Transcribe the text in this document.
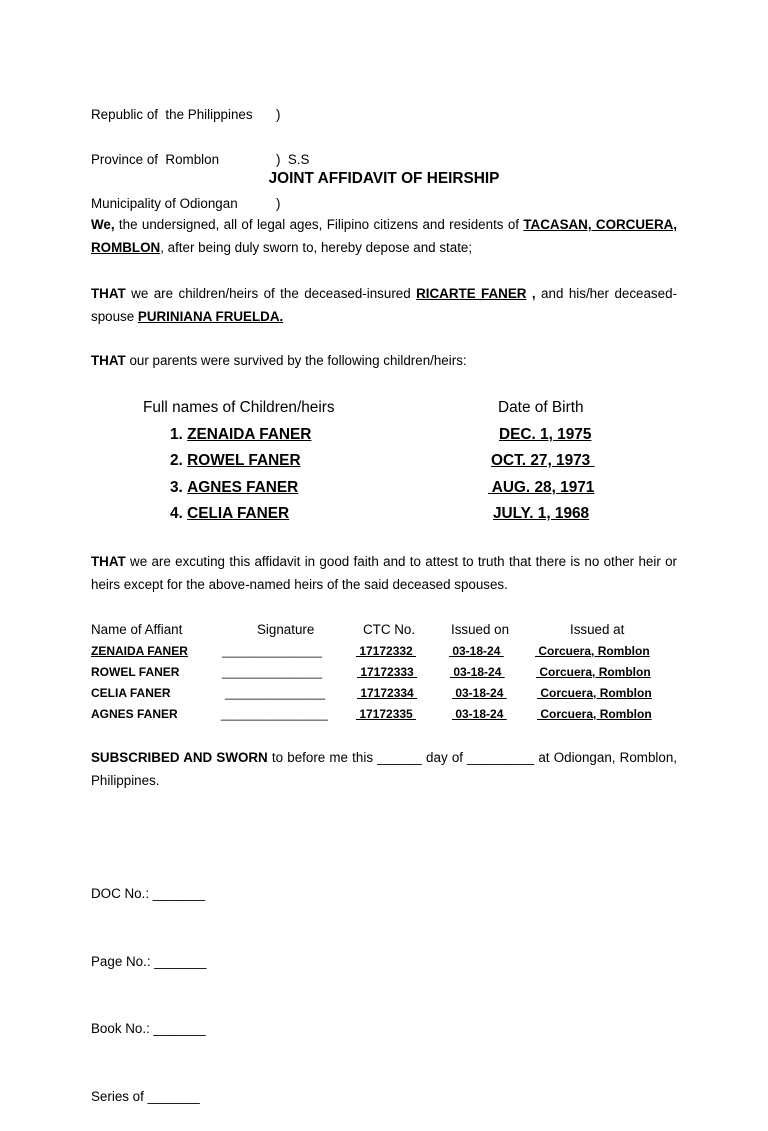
Republic of  the Philippines )

Province of  Romblon	)  S.S

Municipality of Odiongan	)

JOINT AFFIDAVIT OF HEIRSHIP
We, the undersigned, all of legal ages, Filipino citizens and residents of TACASAN, CORCUERA, ROMBLON, after being duly sworn to, hereby depose and state;
THAT we are children/heirs of the deceased-insured RICARTE FANER , and his/her deceased-spouse PURINIANA FRUELDA.
THAT our parents were survived by the following children/heirs:
Full names of Children/heirs	Date of Birth
1. ZENAIDA FANER	DEC. 1, 1975
2. ROWEL FANER	OCT. 27, 1973
3. AGNES FANER	AUG. 28, 1971
4. CELIA FANER	JULY. 1, 1968
THAT we are excuting this affidavit in good faith and to attest to truth that there is no other heir or heirs except for the above-named heirs of the said deceased spouses.
Name of Affiant	Signature	CTC No.	Issued on	Issued at
ZENAIDA FANER	_______________	17172332	03-18-24	Corcuera, Romblon
ROWEL FANER	_______________	17172333	03-18-24	Corcuera, Romblon
CELIA FANER	_______________	17172334	03-18-24	Corcuera, Romblon
AGNES FANER	________________ 17172335	03-18-24	Corcuera, Romblon
SUBSCRIBED AND SWORN to before me this ______ day of _________ at Odiongan, Romblon, Philippines.

DOC No.: _______

Page No.: _______

Book No.: _______

Series of _______
